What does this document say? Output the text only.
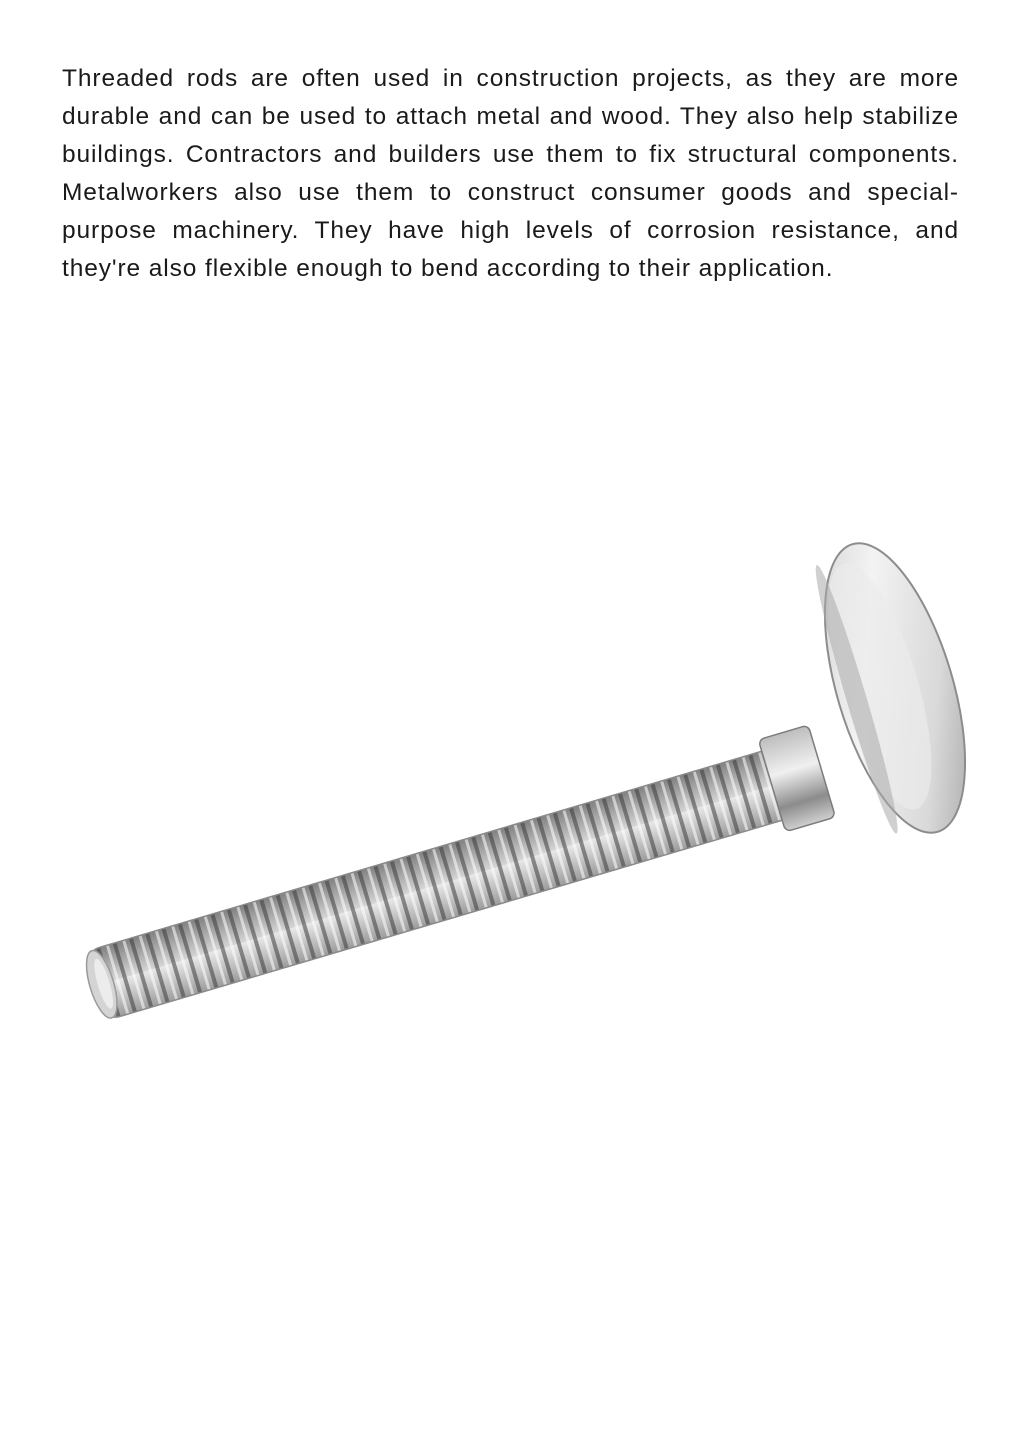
Threaded rods are often used in construction projects, as they are more durable and can be used to attach metal and wood. They also help stabilize buildings. Contractors and builders use them to fix structural components. Metalworkers also use them to construct consumer goods and special-purpose machinery. They have high levels of corrosion resistance, and they're also flexible enough to bend according to their application.
